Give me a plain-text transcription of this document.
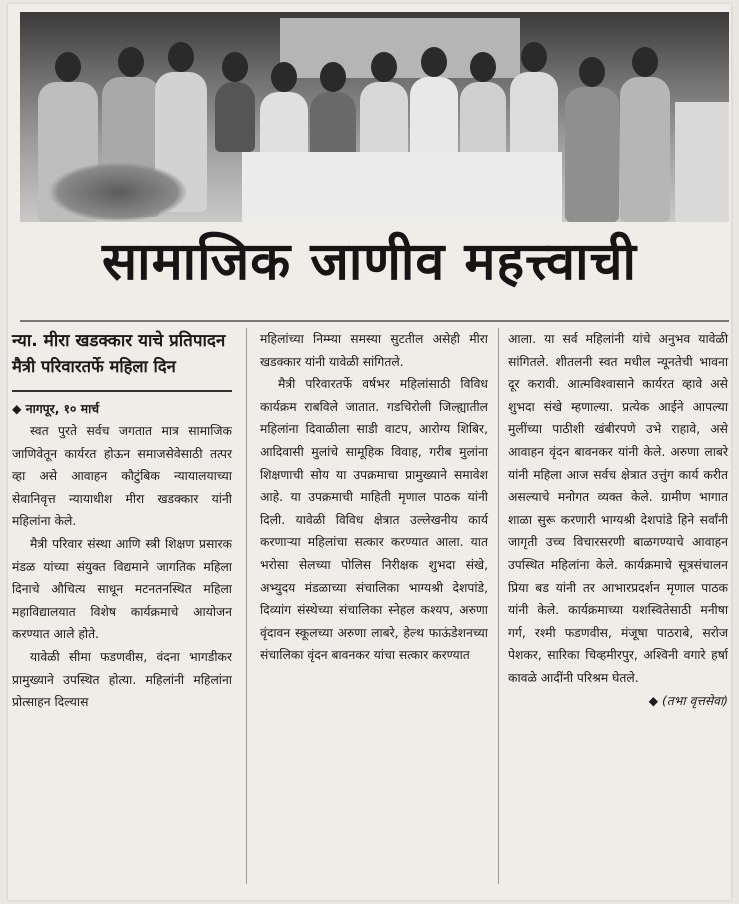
सामाजिक जाणीव महत्त्वाची

न्या. मीरा खडक्कार याचे प्रतिपादन

मैत्री परिवारतर्फे महिला दिन

◆ नागपूर, १० मार्च

स्वत पुरते सर्वच जगतात मात्र सामाजिक जाणिवेतून कार्यरत होऊन समाजसेवेसाठी तत्पर व्हा असे आवाहन कौटुंबिक न्यायालयाच्या सेवानिवृत्त न्यायाधीश मीरा खडक्कार यांनी महिलांना केले.

मैत्री परिवार संस्था आणि स्त्री शिक्षण प्रसारक मंडळ यांच्या संयुक्त विद्यमाने जागतिक महिला दिनाचे औचित्य साधून मटनतनस्थित महिला महाविद्यालयात विशेष कार्यक्रमाचे आयोजन करण्यात आले होते.

यावेळी सीमा फडणवीस, वंदना भागडीकर प्रामुख्याने उपस्थित होत्या. महिलांनी महिलांना प्रोत्साहन दिल्यास

महिलांच्या निम्म्या समस्या सुटतील असेही मीरा खडक्कार यांनी यावेळी सांगितले.

मैत्री परिवारतर्फे वर्षभर महिलांसाठी विविध कार्यक्रम राबविले जातात. गडचिरोली जिल्ह्यातील महिलांना दिवाळीला साडी वाटप, आरोग्य शिबिर, आदिवासी मुलांचे सामूहिक विवाह, गरीब मुलांना शिक्षणाची सोय या उपक्रमाचा प्रामुख्याने समावेश आहे. या उपक्रमाची माहिती मृणाल पाठक यांनी दिली. यावेळी विविध क्षेत्रात उल्लेखनीय कार्य करणाऱ्या महिलांचा सत्कार करण्यात आला. यात भरोसा सेलच्या पोलिस निरीक्षक शुभदा संखे, अभ्युदय मंडळाच्या संचालिका भाग्यश्री देशपांडे, दिव्यांग संस्थेच्या संचालिका स्नेहल कश्यप, अरुणा वृंदावन स्कूलच्या अरुणा लाबरे, हेल्थ फाऊंडेशनच्या संचालिका वृंदन बावनकर यांचा सत्कार करण्यात

आला. या सर्व महिलांनी यांचे अनुभव यावेळी सांगितले. शीतलनी स्वत मधील न्यूनतेची भावना दूर करावी. आत्मविश्वासाने कार्यरत व्हावे असे शुभदा संखे म्हणाल्या. प्रत्येक आईने आपल्या मुलींच्या पाठीशी खंबीरपणे उभे राहावे, असे आवाहन वृंदन बावनकर यांनी केले. अरुणा लाबरे यांनी महिला आज सर्वच क्षेत्रात उत्तुंग कार्य करीत असल्याचे मनोगत व्यक्त केले. ग्रामीण भागात शाळा सुरू करणारी भाग्यश्री देशपांडे हिने सर्वांनी जागृती उच्च विचारसरणी बाळगण्याचे आवाहन उपस्थित महिलांना केले. कार्यक्रमाचे सूत्रसंचालन प्रिया बड यांनी तर आभारप्रदर्शन मृणाल पाठक यांनी केले. कार्यक्रमाच्या यशस्वितेसाठी मनीषा गर्ग, रश्मी फडणवीस, मंजूषा पाठराबे, सरोज पेशकर, सारिका चिव्हमीरपुर, अश्विनी वगारे हर्षा कावळे आदींनी परिश्रम घेतले.

◆ (तभा वृत्तसेवा)
